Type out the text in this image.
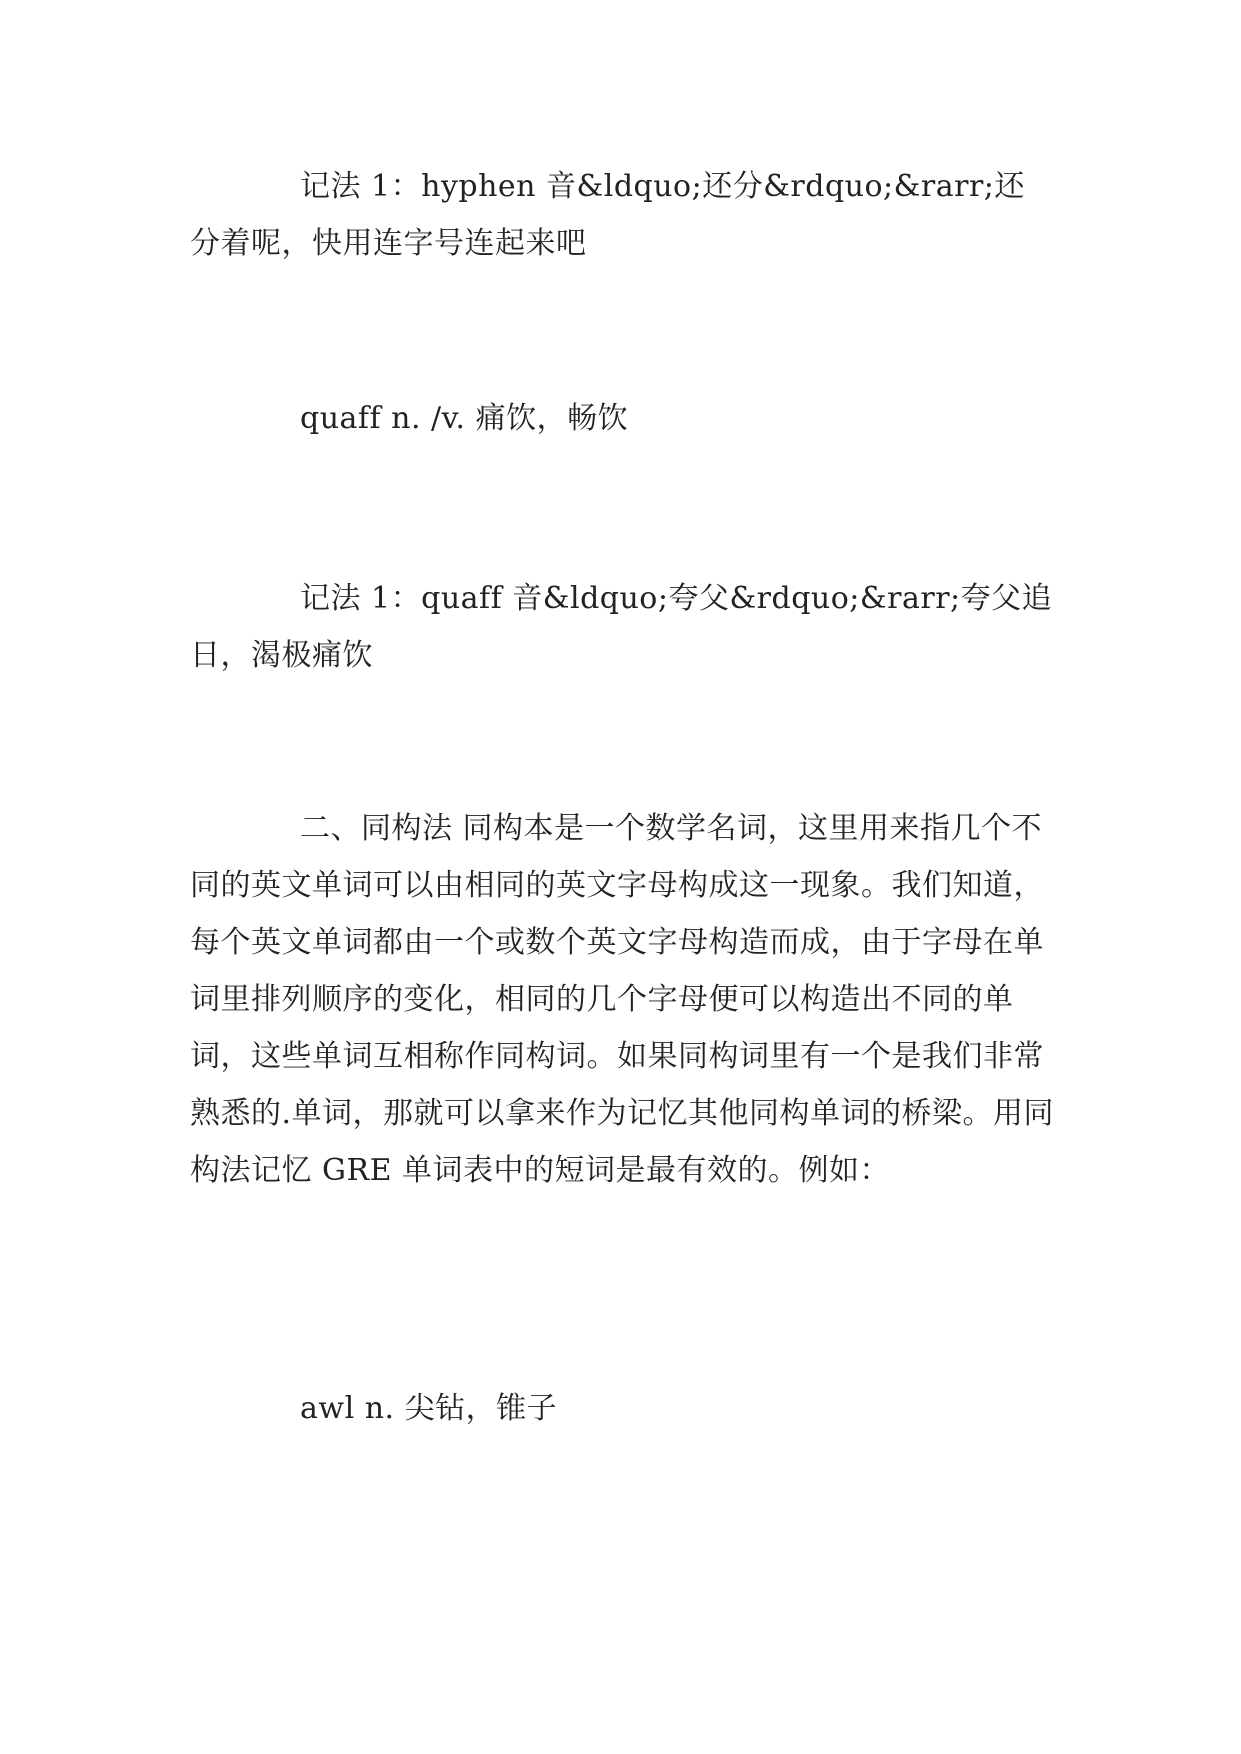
记法 1：hyphen 音&ldquo;还分&rdquo;&rarr;还分着呢，快用连字号连起来吧

quaff n. /v. 痛饮，畅饮

记法 1：quaff 音&ldquo;夸父&rdquo;&rarr;夸父追日，渴极痛饮

二、同构法 同构本是一个数学名词，这里用来指几个不同的英文单词可以由相同的英文字母构成这一现象。我们知道，每个英文单词都由一个或数个英文字母构造而成，由于字母在单词里排列顺序的变化，相同的几个字母便可以构造出不同的单词，这些单词互相称作同构词。如果同构词里有一个是我们非常熟悉的.单词，那就可以拿来作为记忆其他同构单词的桥梁。用同构法记忆 GRE 单词表中的短词是最有效的。例如：

awl n. 尖钻，锥子
